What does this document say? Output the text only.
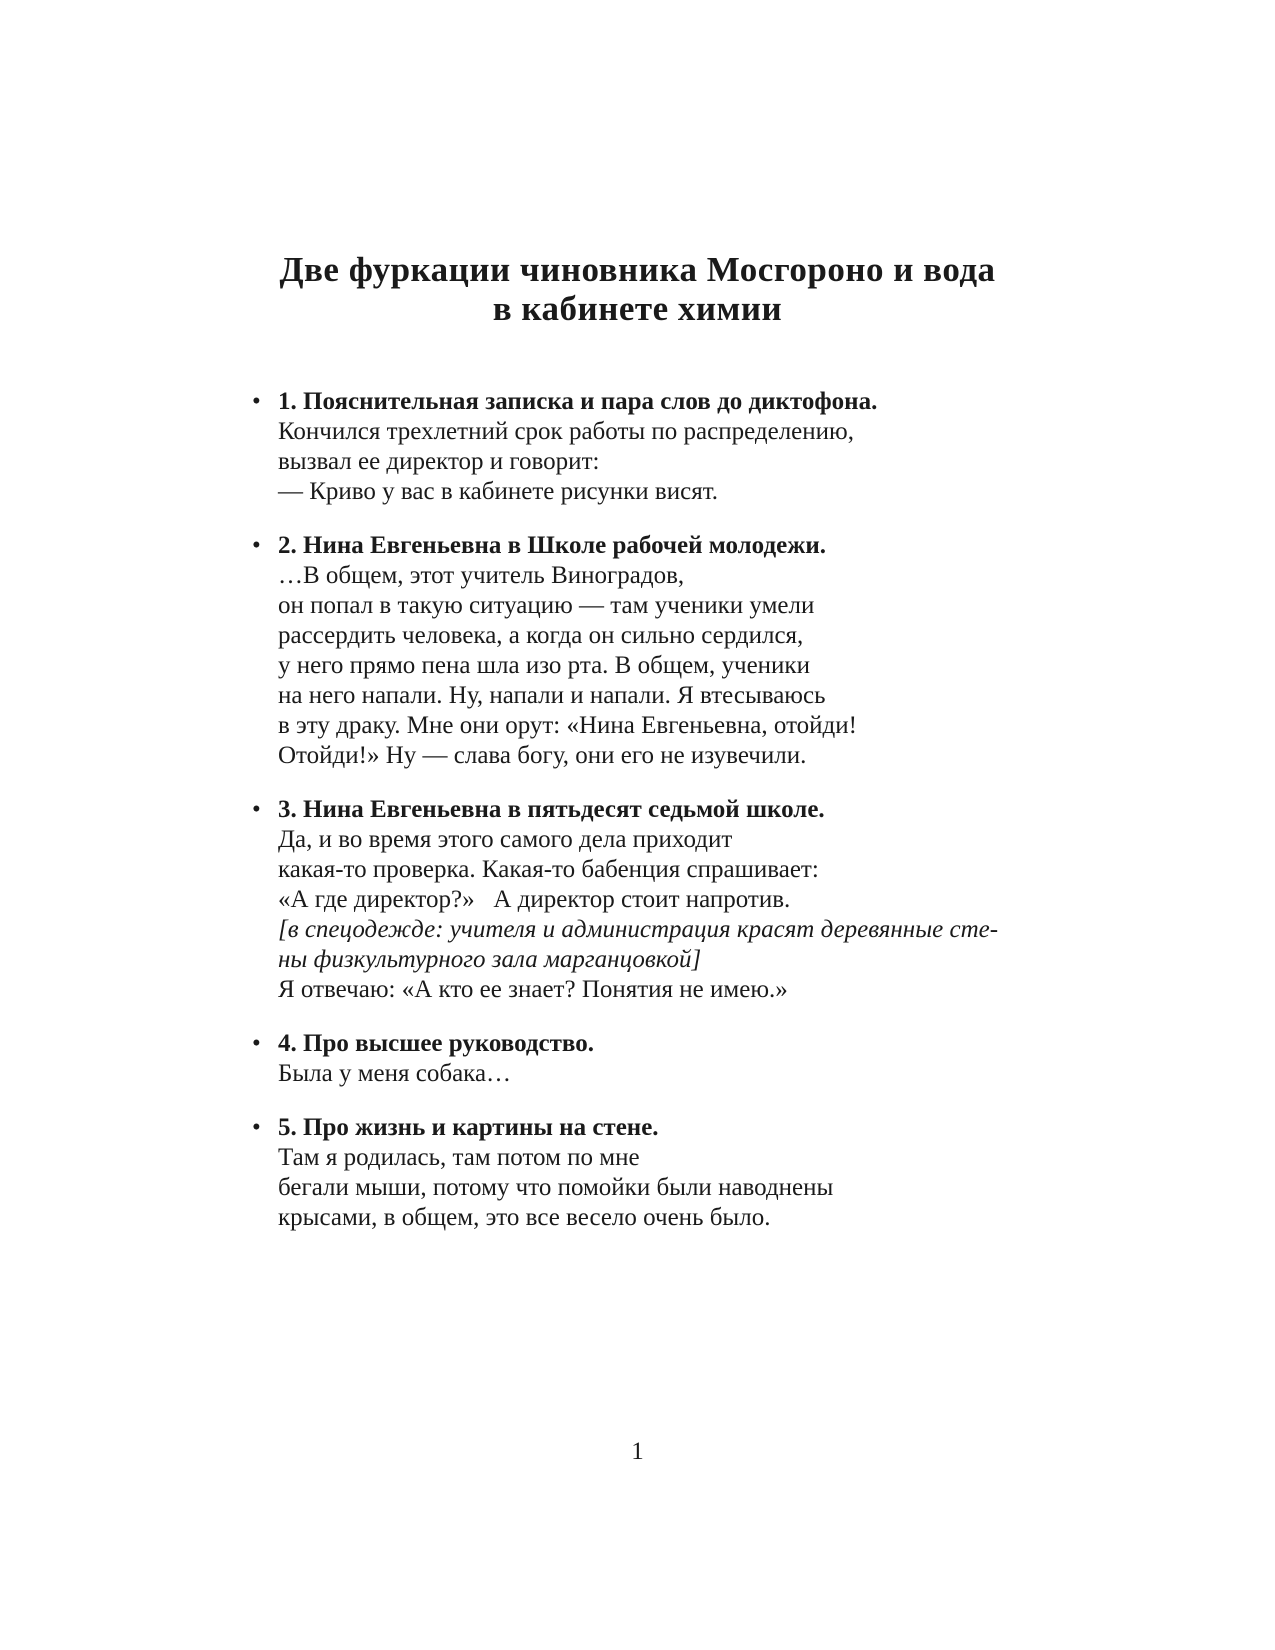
Две фуркации чиновника Мосгороно и вода
в кабинете химии
• 1. Пояснительная записка и пара слов до диктофона.
Кончился трехлетний срок работы по распределению,
вызвал ее директор и говорит:
— Криво у вас в кабинете рисунки висят.
• 2. Нина Евгеньевна в Школе рабочей молодежи.
…В общем, этот учитель Виноградов,
он попал в такую ситуацию — там ученики умели
рассердить человека, а когда он сильно сердился,
у него прямо пена шла изо рта. В общем, ученики
на него напали. Ну, напали и напали. Я втесываюсь
в эту драку. Мне они орут: «Нина Евгеньевна, отойди!
Отойди!» Ну — слава богу, они его не изувечили.
• 3. Нина Евгеньевна в пятьдесят седьмой школе.
Да, и во время этого самого дела приходит
какая-то проверка. Какая-то бабенция спрашивает:
«А где директор?»   А директор стоит напротив.
[в спецодежде: учителя и администрация красят деревянные сте-
ны физкультурного зала марганцовкой]
Я отвечаю: «А кто ее знает? Понятия не имею.»
• 4. Про высшее руководство.
Была у меня собака…
• 5. Про жизнь и картины на стене.
Там я родилась, там потом по мне
бегали мыши, потому что помойки были наводнены
крысами, в общем, это все весело очень было.
1
